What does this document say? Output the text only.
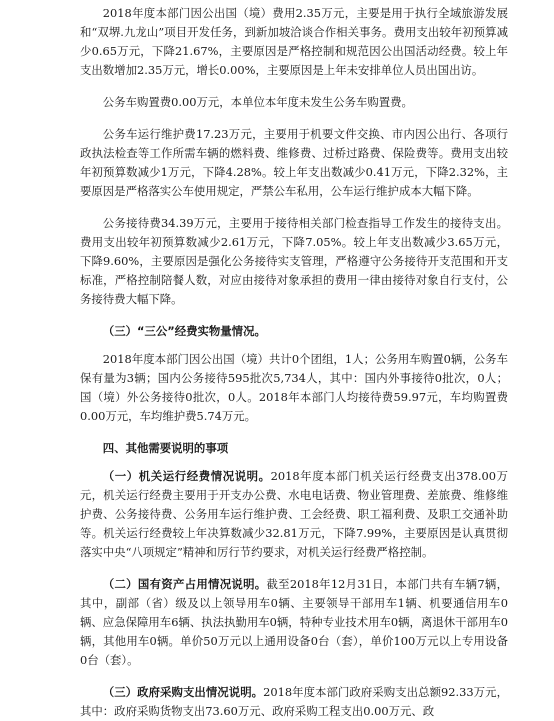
2018年度本部门因公出国（境）费用2.35万元，主要是用于执行全域旅游发展和“双堺.九龙山”项目开发任务，到新加坡洽谈合作相关事务。费用支出较年初预算减少0.65万元，下降21.67%，主要原因是严格控制和规范因公出国活动经费。较上年支出数增加2.35万元，增长0.00%，主要原因是上年未安排单位人员出国出访。

公务车购置费0.00万元，本单位本年度未发生公务车购置费。

公务车运行维护费17.23万元，主要用于机要文件交换、市内因公出行、各项行政执法检查等工作所需车辆的燃料费、维修费、过桥过路费、保险费等。费用支出较年初预算数减少1万元，下降4.28%。较上年支出数减少0.41万元，下降2.32%，主要原因是严格落实公车使用规定，严禁公车私用，公车运行维护成本大幅下降。

公务接待费34.39万元，主要用于接待相关部门检查指导工作发生的接待支出。费用支出较年初预算数减少2.61万元，下降7.05%。较上年支出数减少3.65万元，下降9.60%，主要原因是强化公务接待实支管理，严格遵守公务接待开支范围和开支标准，严格控制陪餐人数，对应由接待对象承担的费用一律由接待对象自行支付，公务接待费大幅下降。

（三）“三公”经费实物量情况。

2018年度本部门因公出国（境）共计0个团组，1人；公务用车购置0辆，公务车保有量为3辆；国内公务接待595批次5,734人，其中：国内外事接待0批次，0人；国（境）外公务接待0批次，0人。2018年本部门人均接待费59.97元，车均购置费0.00万元，车均维护费5.74万元。

四、其他需要说明的事项

（一）机关运行经费情况说明。2018年度本部门机关运行经费支出378.00万元，机关运行经费主要用于开支办公费、水电电话费、物业管理费、差旅费、维修维护费、公务接待费、公务用车运行维护费、工会经费、职工福利费、及职工交通补助等。机关运行经费较上年决算数减少32.81万元，下降7.99%，主要原因是认真贯彻落实中央“八项规定”精神和厉行节约要求，对机关运行经费严格控制。

（二）国有资产占用情况说明。截至2018年12月31日，本部门共有车辆7辆，其中，副部（省）级及以上领导用车0辆、主要领导干部用车1辆、机要通信用车0辆、应急保障用车6辆、执法执勤用车0辆，特种专业技术用车0辆，离退休干部用车0辆，其他用车0辆。单价50万元以上通用设备0台（套），单价100万元以上专用设备0台（套）。

（三）政府采购支出情况说明。2018年度本部门政府采购支出总额92.33万元，其中：政府采购货物支出73.60万元、政府采购工程支出0.00万元、政
